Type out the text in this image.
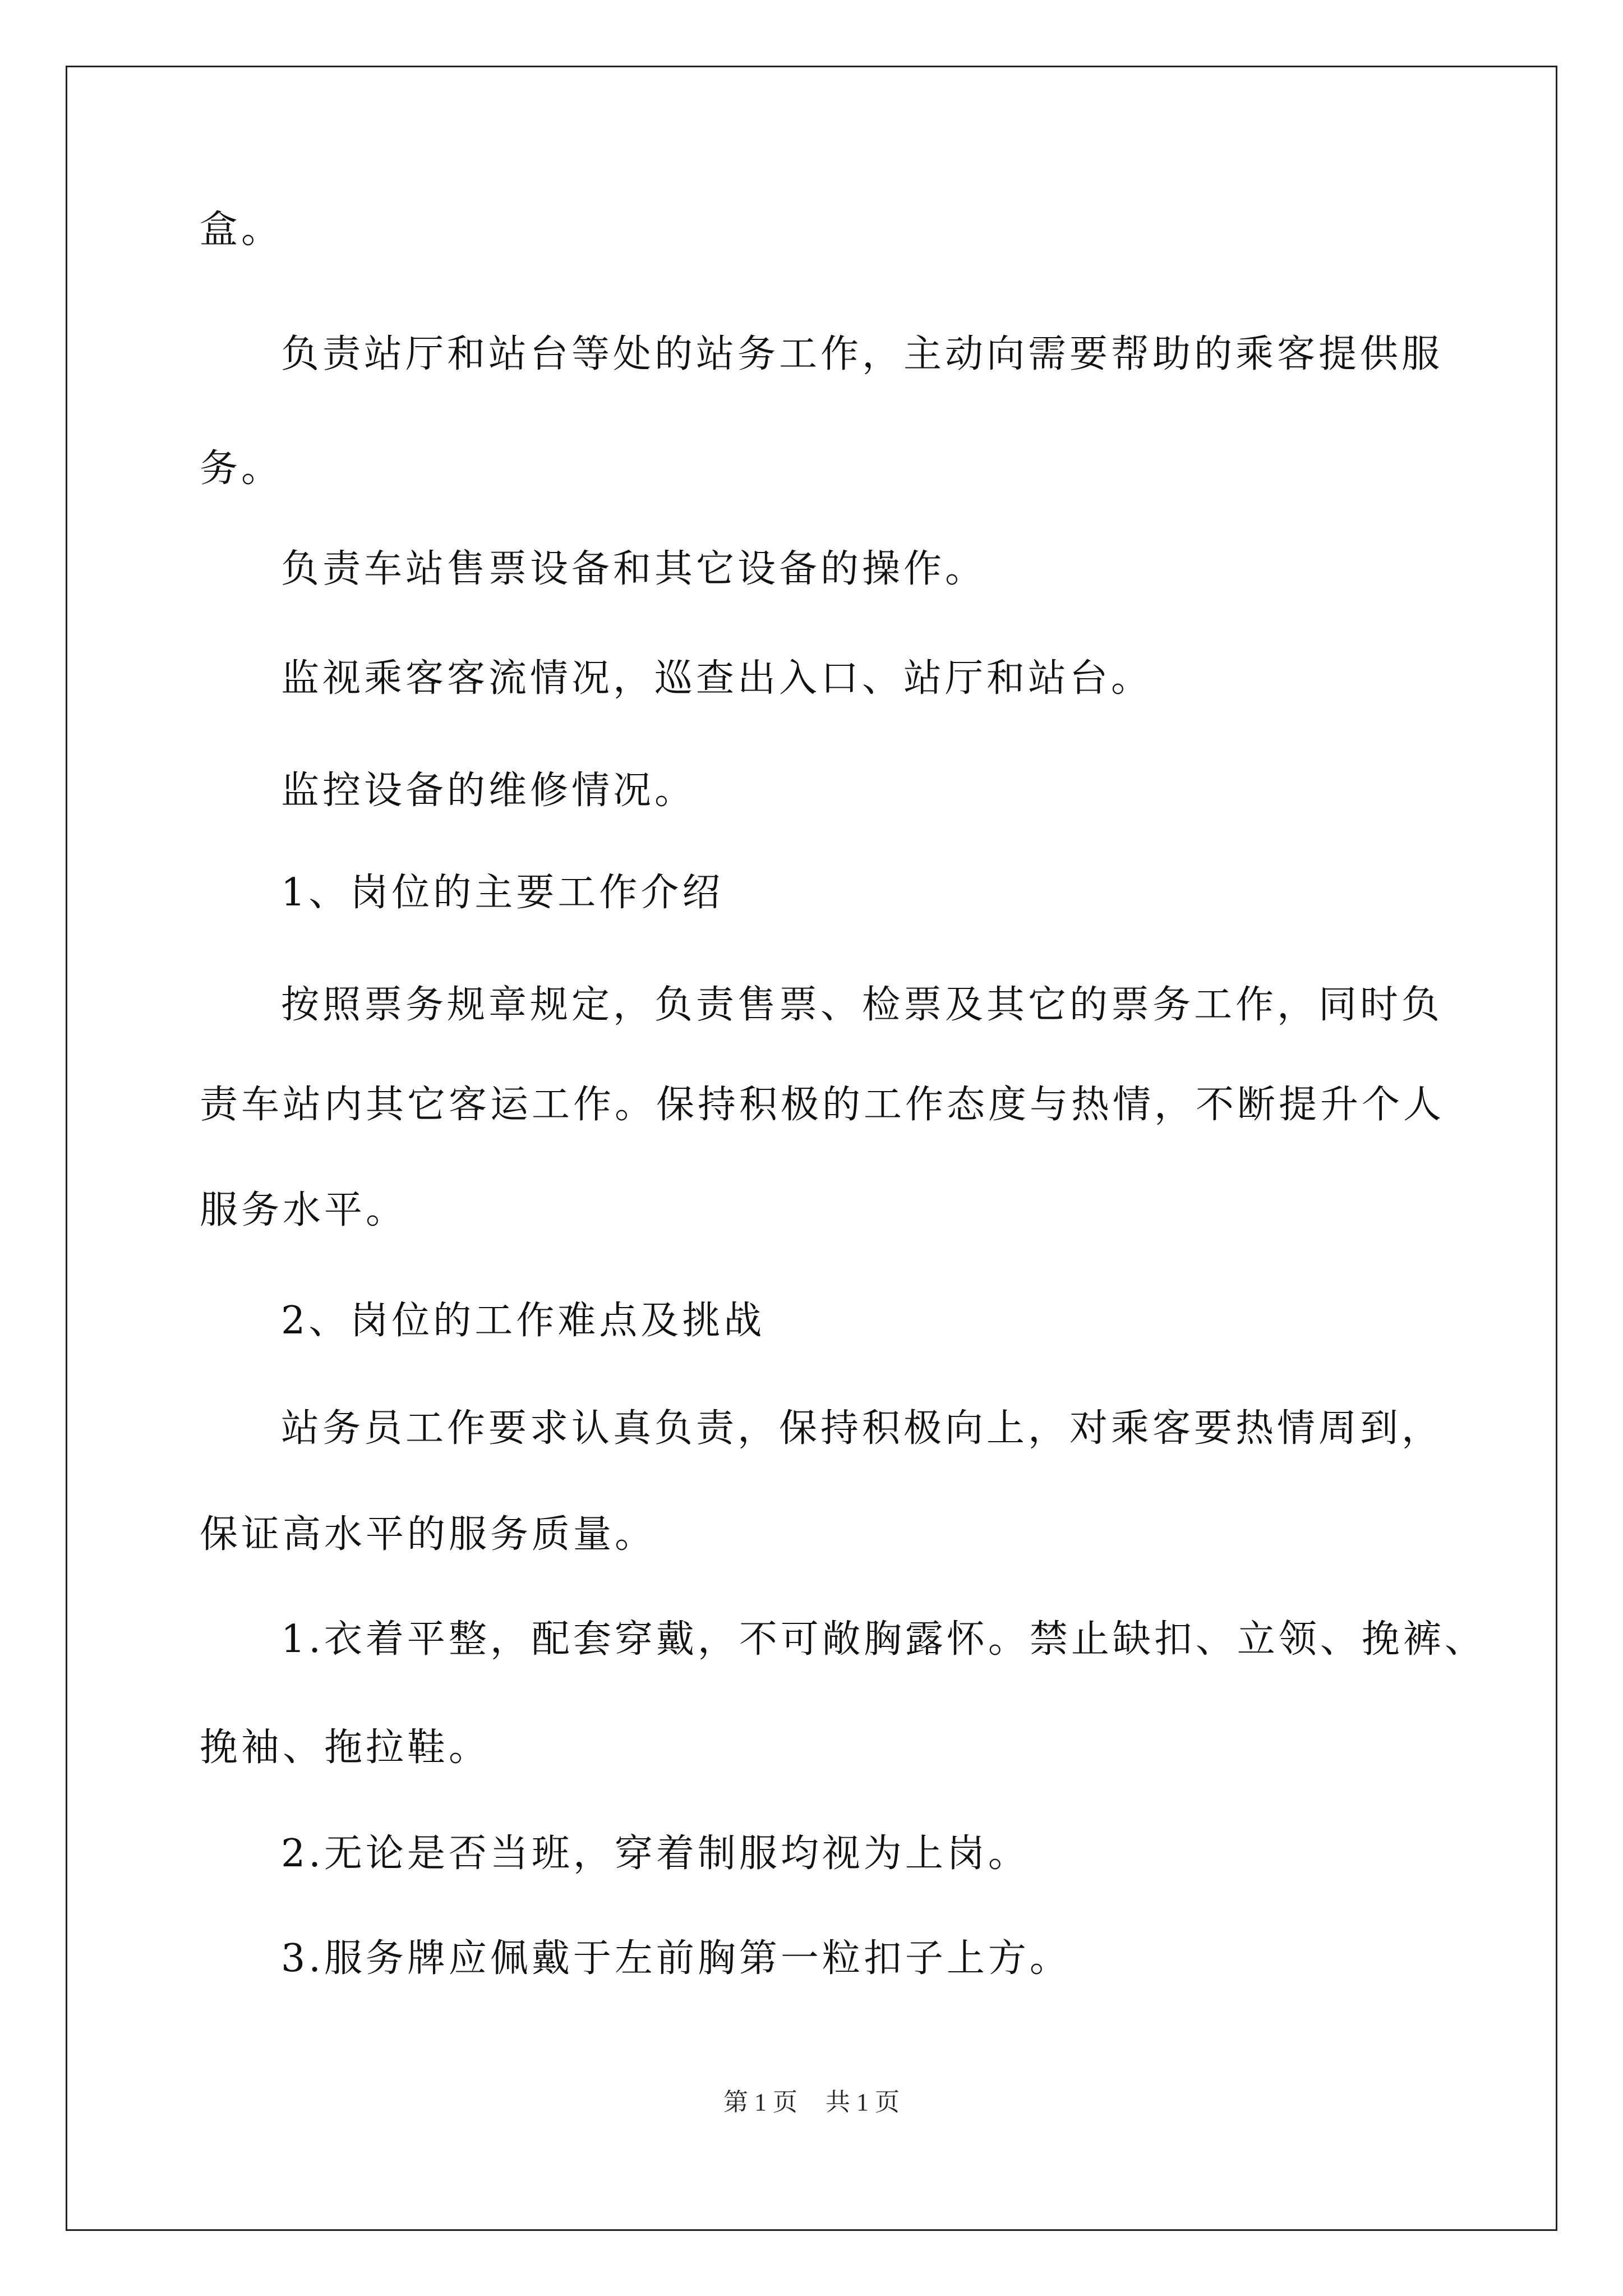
盒。
负责站厅和站台等处的站务工作，主动向需要帮助的乘客提供服
务。
负责车站售票设备和其它设备的操作。
监视乘客客流情况，巡查出入口、站厅和站台。
监控设备的维修情况。
1、岗位的主要工作介绍
按照票务规章规定，负责售票、检票及其它的票务工作，同时负
责车站内其它客运工作。保持积极的工作态度与热情，不断提升个人
服务水平。
2、岗位的工作难点及挑战
站务员工作要求认真负责，保持积极向上，对乘客要热情周到，
保证高水平的服务质量。
1.衣着平整，配套穿戴，不可敞胸露怀。禁止缺扣、立领、挽裤、
挽袖、拖拉鞋。
2.无论是否当班，穿着制服均视为上岗。
3.服务牌应佩戴于左前胸第一粒扣子上方。
第 1 页 共 1 页
